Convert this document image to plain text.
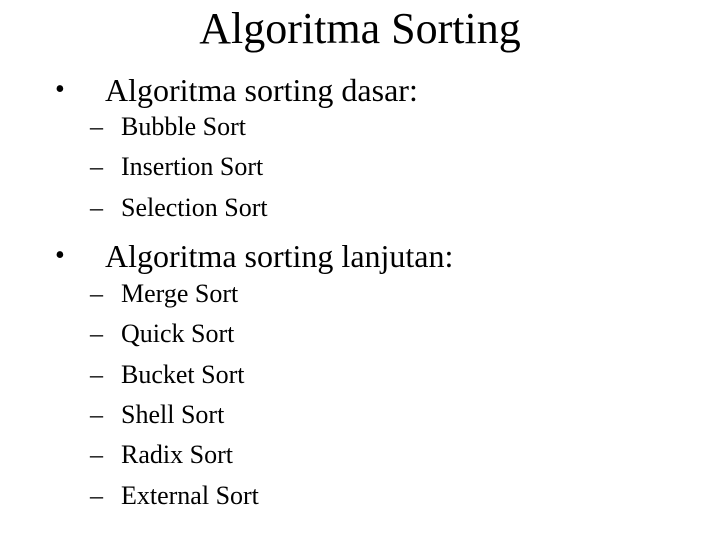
Algoritma Sorting
• Algoritma sorting dasar:
– Bubble Sort
– Insertion Sort
– Selection Sort
• Algoritma sorting lanjutan:
– Merge Sort
– Quick Sort
– Bucket Sort
– Shell Sort
– Radix Sort
– External Sort
